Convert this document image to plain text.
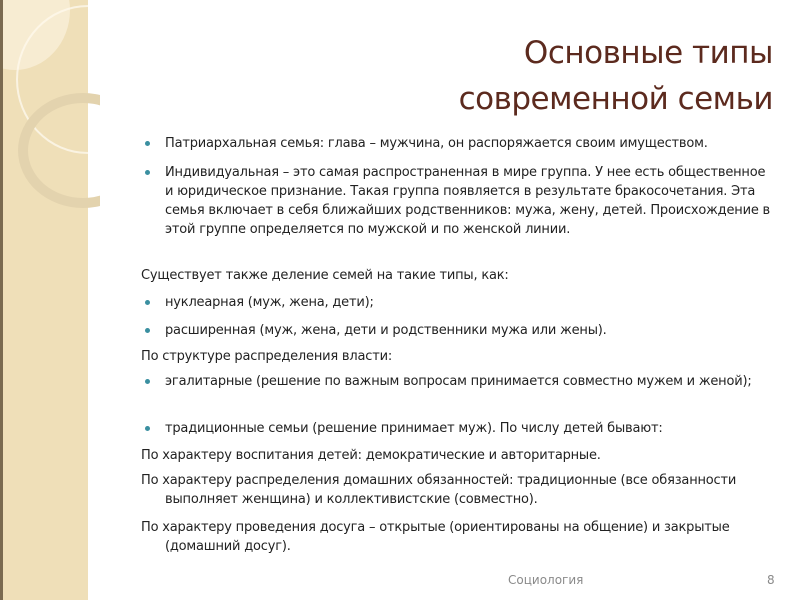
Основные типы
современной семьи
Патриархальная семья: глава – мужчина, он распоряжается своим имуществом.
Индивидуальная – это самая распространенная в мире группа. У нее есть общественное и юридическое признание. Такая группа появляется в результате бракосочетания. Эта семья включает в себя ближайших родственников: мужа, жену, детей. Происхождение в этой группе определяется по мужской и по женской линии.
Существует также деление семей на такие типы, как:
нуклеарная (муж, жена, дети);
расширенная (муж, жена, дети и родственники мужа или жены).
По структуре распределения власти:
эгалитарные (решение по важным вопросам принимается совместно мужем и женой);
традиционные семьи (решение принимает муж). По числу детей бывают:
По характеру воспитания детей: демократические и авторитарные.
По характеру распределения домашних обязанностей: традиционные (все обязанности выполняет женщина) и коллективистские (совместно).
По характеру проведения досуга – открытые (ориентированы на общение) и закрытые (домашний досуг).
Социология	8
